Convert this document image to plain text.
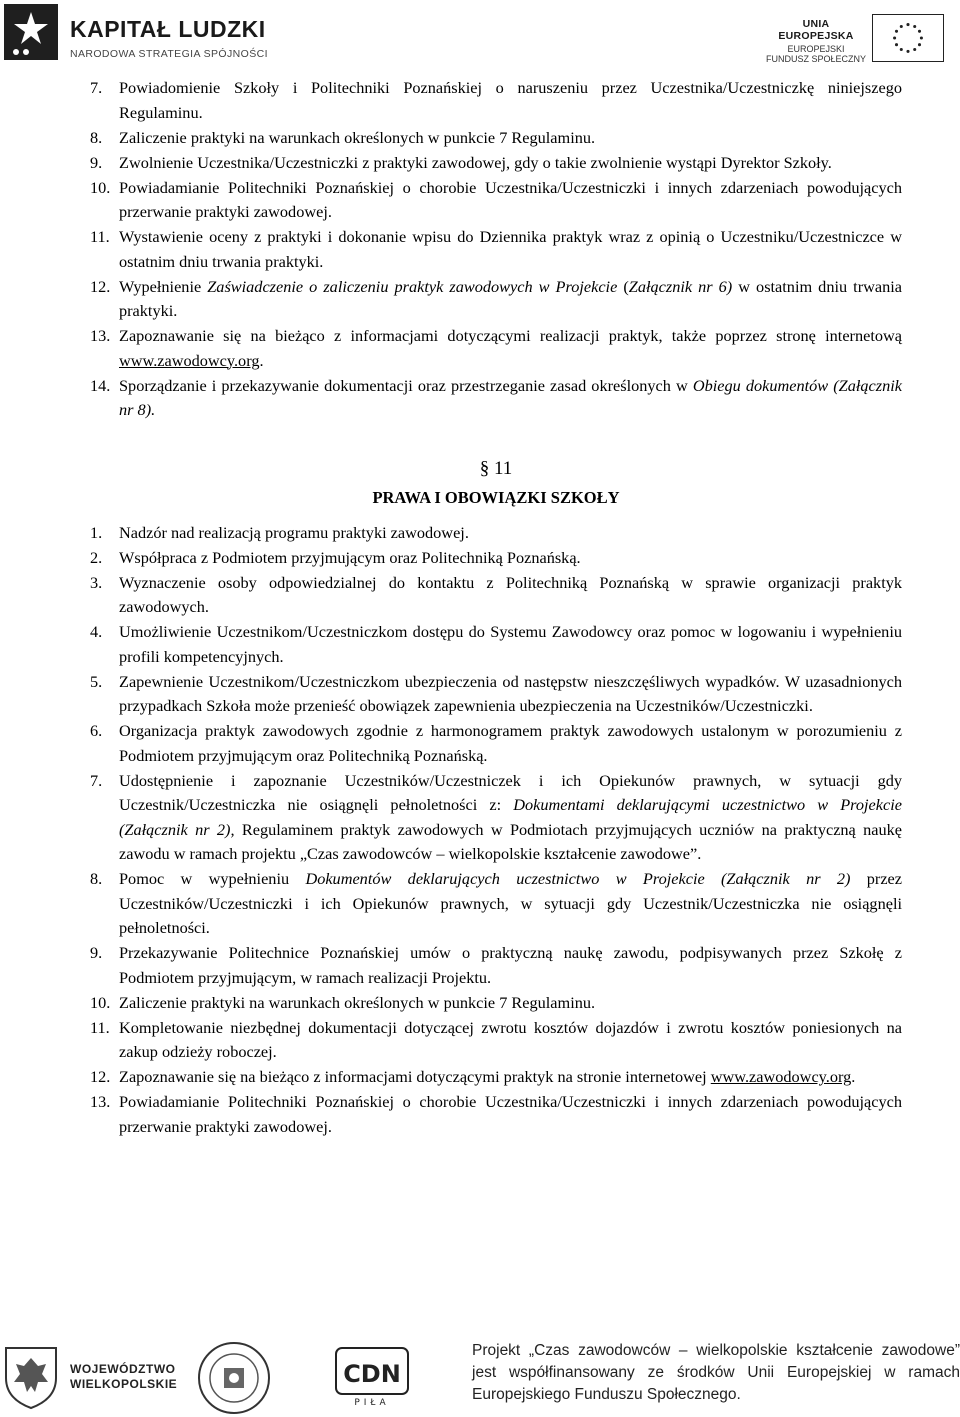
KAPITAŁ LUDZKI
NARODOWA STRATEGIA SPÓJNOŚCI
UNIA EUROPEJSKA
EUROPEJSKI
FUNDUSZ SPOŁECZNY
7. Powiadomienie Szkoły i Politechniki Poznańskiej o naruszeniu przez Uczestnika/Uczestniczkę niniejszego Regulaminu.
8. Zaliczenie praktyki na warunkach określonych w punkcie 7 Regulaminu.
9. Zwolnienie Uczestnika/Uczestniczki z praktyki zawodowej, gdy o takie zwolnienie wystąpi Dyrektor Szkoły.
10. Powiadamianie Politechniki Poznańskiej o chorobie Uczestnika/Uczestniczki i innych zdarzeniach powodujących przerwanie praktyki zawodowej.
11. Wystawienie oceny z praktyki i dokonanie wpisu do Dziennika praktyk wraz z opinią o Uczestniku/Uczestniczce w ostatnim dniu trwania praktyki.
12. Wypełnienie Zaświadczenie o zaliczeniu praktyk zawodowych w Projekcie (Załącznik nr 6) w ostatnim dniu trwania praktyki.
13. Zapoznawanie się na bieżąco z informacjami dotyczącymi realizacji praktyk, także poprzez stronę internetową www.zawodowcy.org.
14. Sporządzanie i przekazywanie dokumentacji oraz przestrzeganie zasad określonych w Obiegu dokumentów (Załącznik nr 8).
§ 11
PRAWA I OBOWIĄZKI SZKOŁY
1. Nadzór nad realizacją programu praktyki zawodowej.
2. Współpraca z Podmiotem przyjmującym oraz Politechniką Poznańską.
3. Wyznaczenie osoby odpowiedzialnej do kontaktu z Politechniką Poznańską w sprawie organizacji praktyk zawodowych.
4. Umożliwienie Uczestnikom/Uczestniczkom dostępu do Systemu Zawodowcy oraz pomoc w logowaniu i wypełnieniu profili kompetencyjnych.
5. Zapewnienie Uczestnikom/Uczestniczkom ubezpieczenia od następstw nieszczęśliwych wypadków. W uzasadnionych przypadkach Szkoła może przenieść obowiązek zapewnienia ubezpieczenia na Uczestników/Uczestniczki.
6. Organizacja praktyk zawodowych zgodnie z harmonogramem praktyk zawodowych ustalonym w porozumieniu z Podmiotem przyjmującym oraz Politechniką Poznańską.
7. Udostępnienie i zapoznanie Uczestników/Uczestniczek i ich Opiekunów prawnych, w sytuacji gdy Uczestnik/Uczestniczka nie osiągnęli pełnoletności z: Dokumentami deklarującymi uczestnictwo w Projekcie (Załącznik nr 2), Regulaminem praktyk zawodowych w Podmiotach przyjmujących uczniów na praktyczną naukę zawodu w ramach projektu „Czas zawodowców – wielkopolskie kształcenie zawodowe”.
8. Pomoc w wypełnieniu Dokumentów deklarujących uczestnictwo w Projekcie (Załącznik nr 2) przez Uczestników/Uczestniczki i ich Opiekunów prawnych, w sytuacji gdy Uczestnik/Uczestniczka nie osiągnęli pełnoletności.
9. Przekazywanie Politechnice Poznańskiej umów o praktyczną naukę zawodu, podpisywanych przez Szkołę z Podmiotem przyjmującym, w ramach realizacji Projektu.
10. Zaliczenie praktyki na warunkach określonych w punkcie 7 Regulaminu.
11. Kompletowanie niezbędnej dokumentacji dotyczącej zwrotu kosztów dojazdów i zwrotu kosztów poniesionych na zakup odzieży roboczej.
12. Zapoznawanie się na bieżąco z informacjami dotyczącymi praktyk na stronie internetowej www.zawodowcy.org.
13. Powiadamianie Politechniki Poznańskiej o chorobie Uczestnika/Uczestniczki i innych zdarzeniach powodujących przerwanie praktyki zawodowej.
WOJEWÓDZTWO
WIELKOPOLSKIE	CDN
PIŁA
Projekt „Czas zawodowców – wielkopolskie kształcenie zawodowe” jest współfinansowany ze środków Unii Europejskiej w ramach Europejskiego Funduszu Społecznego.
